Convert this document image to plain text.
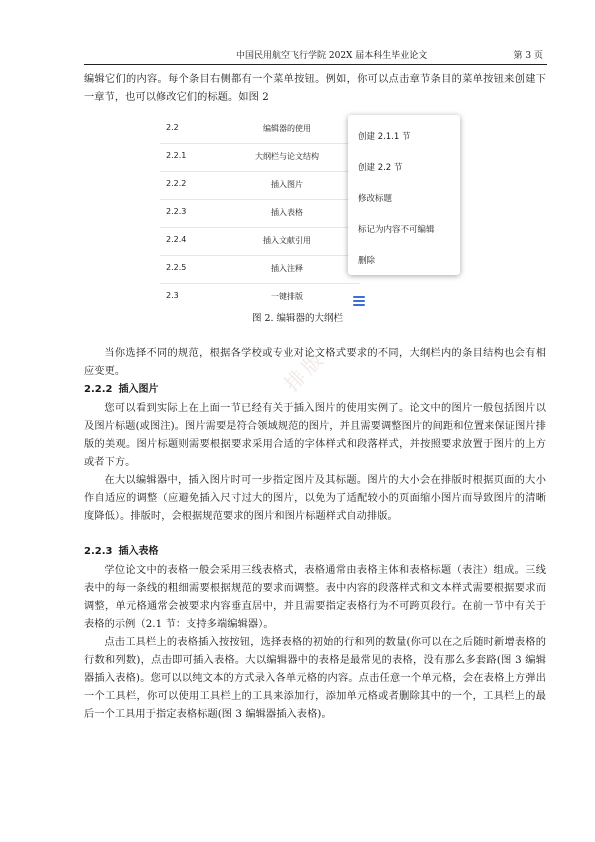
中国民用航空飞行学院 202X 届本科生毕业论文	第 3 页

编辑它们的内容。每个条目右侧都有一个菜单按钮。例如，你可以点击章节条目的菜单按钮来创建下一章节，也可以修改它们的标题。如图 2

2.2	编辑器的使用
2.2.1	大纲栏与论文结构
2.2.2	插入图片
2.2.3	插入表格
2.2.4	插入文献引用
2.2.5	插入注释
2.3	一键排版
创建 2.1.1 节
创建 2.2 节
修改标题
标记为内容不可编辑
删除
图 2. 编辑器的大纲栏
排版

当你选择不同的规范，根据各学校或专业对论文格式要求的不同，大纲栏内的条目结构也会有相应变更。

2.2.2 插入图片

您可以看到实际上在上面一节已经有关于插入图片的使用实例了。论文中的图片一般包括图片以及图片标题(或图注)。图片需要是符合领域规范的图片，并且需要调整图片的间距和位置来保证图片排版的美观。图片标题则需要根据要求采用合适的字体样式和段落样式，并按照要求放置于图片的上方或者下方。

在大以编辑器中，插入图片时可一步指定图片及其标题。图片的大小会在排版时根据页面的大小作自适应的调整（应避免插入尺寸过大的图片，以免为了适配较小的页面缩小图片而导致图片的清晰度降低）。排版时，会根据规范要求的图片和图片标题样式自动排版。

2.2.3 插入表格

学位论文中的表格一般会采用三线表格式，表格通常由表格主体和表格标题（表注）组成。三线表中的每一条线的粗细需要根据规范的要求而调整。表中内容的段落样式和文本样式需要根据要求而调整，单元格通常会被要求内容垂直居中，并且需要指定表格行为不可跨页段行。在前一节中有关于表格的示例（2.1 节：支持多端编辑器）。

点击工具栏上的表格插入按按钮，选择表格的初始的行和列的数量(你可以在之后随时新增表格的行数和列数)，点击即可插入表格。大以编辑器中的表格是最常见的表格，没有那么多套路(图 3 编辑器插入表格)。您可以以纯文本的方式录入各单元格的内容。点击任意一个单元格，会在表格上方弹出一个工具栏，你可以使用工具栏上的工具来添加行，添加单元格或者删除其中的一个，工具栏上的最后一个工具用于指定表格标题(图 3 编辑器插入表格)。
